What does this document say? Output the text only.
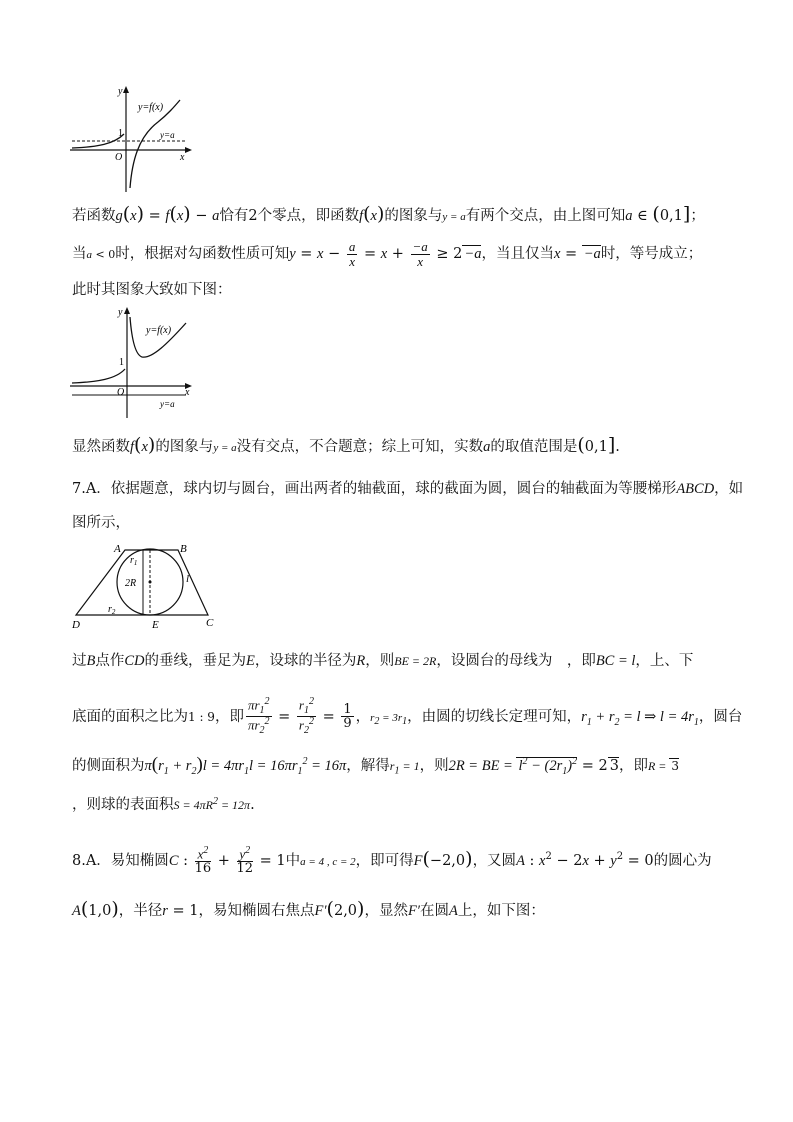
y
x
O
1
y=f(x)
y=a
若函数g(x) = f(x) − a恰有2个零点，即函数f(x)的图象与y = a有两个交点，由上图可知a ∈ (0,1]；
当a < 0时，根据对勾函数性质可知$y = x - \frac{a}{x} = x + \frac{-a}{x} \ge 2 -a$，当且仅当x = −a时，等号成立；
此时其图象大致如下图：
y
x
O
1
y=f(x)
y=a
显然函数f(x)的图象与y = a没有交点，不合题意；综上可知，实数a的取值范围是(0,1].
7.A．依据题意，球内切与圆台，画出两者的轴截面，球的截面为圆，圆台的轴截面为等腰梯形ABCD，如
图所示，
A	B
C
D	E
$r_1$
2R	l
$r_2$
过B点作CD的垂线，垂足为E，设球的半径为R，则BE = 2R，设圆台的母线为　，即BC = l，上、下
底面的面积之比为1 : 9，即 $\frac{\pi r_1^2}{\pi r_2^2} = \frac{r_1^2}{r_2^2} = \frac{1}{9}$ ，$r_2 = 3r_1$，由圆的切线长定理可知，$r_1 + r_2 = l$ ⇒ $l = 4r_1$，圆台
的侧面积为$\pi(r_1 + r_2)l = 4\pi r_1l = 16\pi r_1^2 = 16\pi$，解得$r_1 = 1$，则2R = BE = $l^2 - (2r_1)^2 = 2$ 3，即R = 3
，则球的表面积$S = 4\pi R^2 = 12\pi$.
8.A．易知椭圆C : $\frac{x^2}{16} + \frac{y^2}{12} = 1$中a = 4 , c = 2，即可得F(−2,0)，又圆A : $x^2 - 2x + y^2 = 0$的圆心为
A(1,0)，半径r = 1，易知椭圆右焦点F′(2,0)，显然F′在圆A上，如下图：
